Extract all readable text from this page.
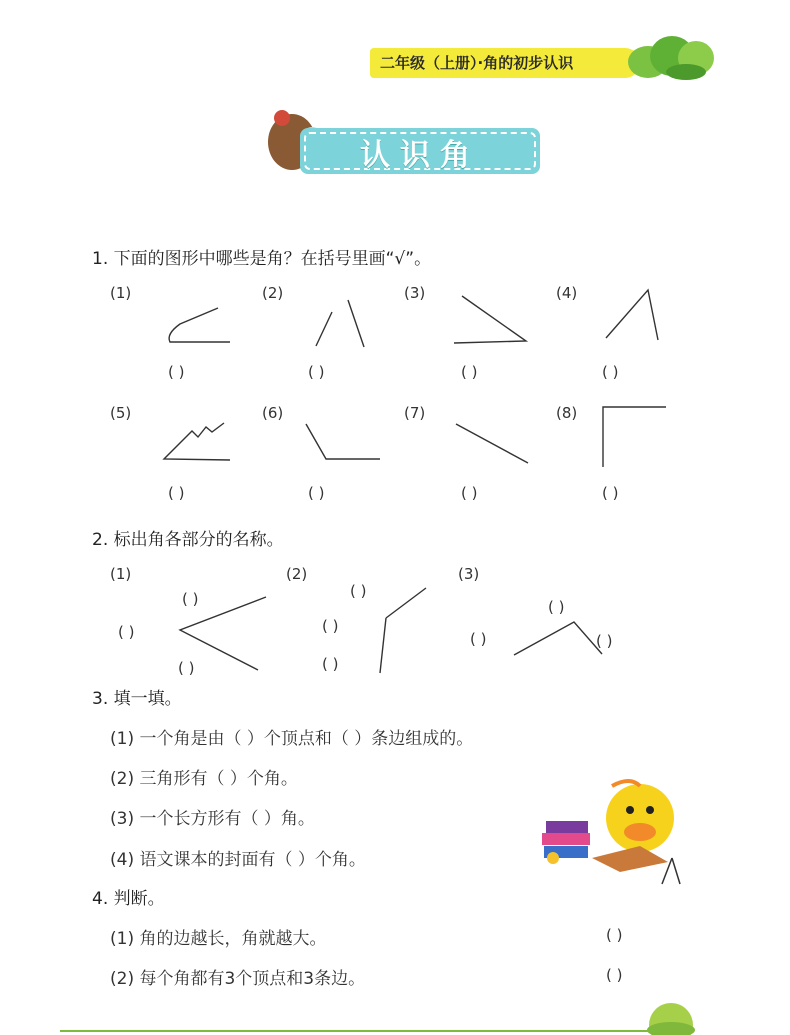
二年级（上册）·角的初步认识
认识角
1. 下面的图形中哪些是角？在括号里画“√”。
(1)	(2)	(3)	(4)
( )	( )	( )	( )
(5)	(6)	(7)	(8)
( )	( )	( )	( )
2. 标出角各部分的名称。
(1)	(2)	(3)
( )
( )
( )
( )
( )
( )
( )
( )	( )
3. 填一填。
(1) 一个角是由（ ）个顶点和（ ）条边组成的。
(2) 三角形有（ ）个角。
(3) 一个长方形有（ ）角。
(4) 语文课本的封面有（ ）个角。
4. 判断。
(1) 角的边越长，角就越大。	( )
(2) 每个角都有3个顶点和3条边。	( )
